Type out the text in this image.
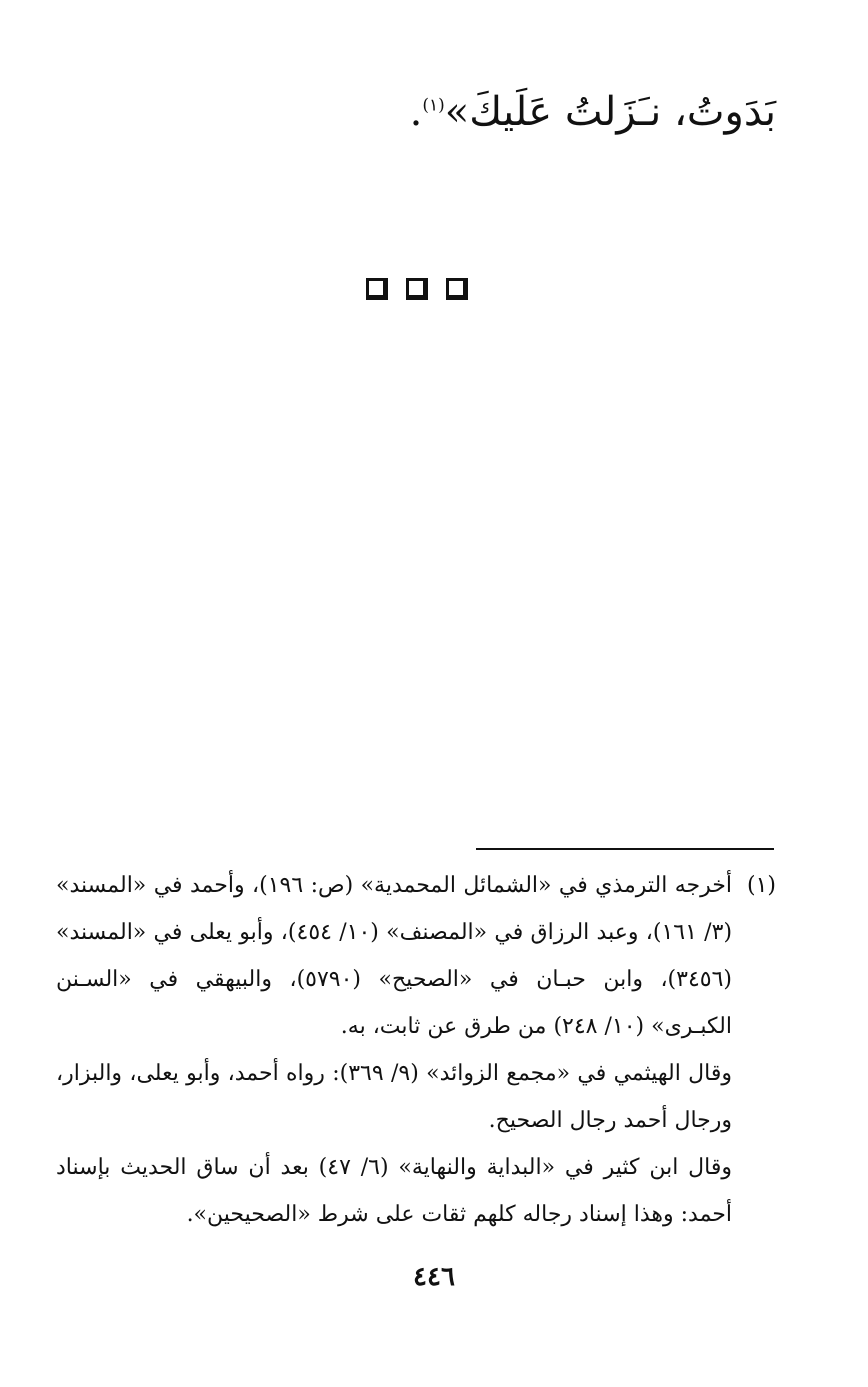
بَدَوتُ، نـَزَلتُ عَلَيكَ»$^{(١)}$.
(١)

أخرجه الترمذي في «الشمائل المحمدية» (ص: ١٩٦)، وأحمد في «المسند» (٣/ ١٦١)، وعبد الرزاق في «المصنف» (١٠/ ٤٥٤)، وأبو يعلى في «المسند» (٣٤٥٦)، وابن حبـان في «الصحيح» (٥٧٩٠)، والبيهقي في «السـنن الكبـرى» (١٠/ ٢٤٨) من طرق عن ثابت، به.

وقال الهيثمي في «مجمع الزوائد» (٩/ ٣٦٩): رواه أحمد، وأبو يعلى، والبزار، ورجال أحمد رجال الصحيح.

وقال ابن كثير في «البداية والنهاية» (٦/ ٤٧) بعد أن ساق الحديث بإسناد أحمد: وهذا إسناد رجاله كلهم ثقات على شرط «الصحيحين».

٤٤٦
